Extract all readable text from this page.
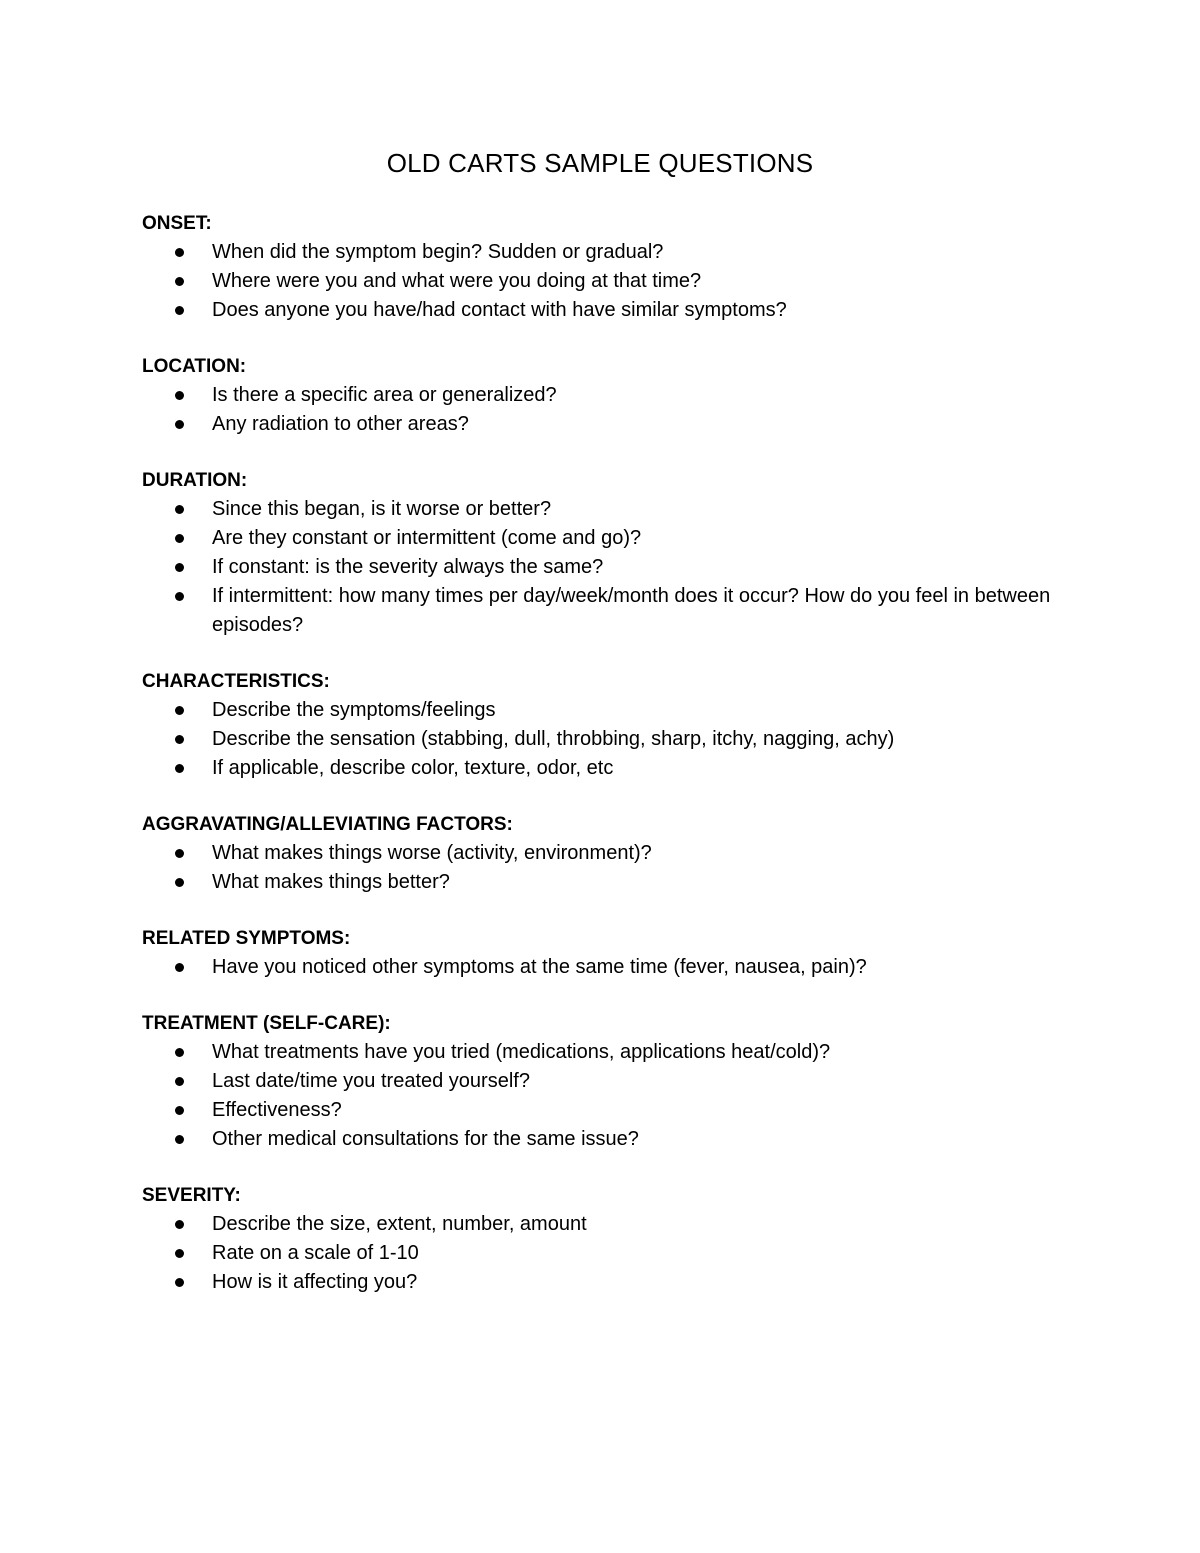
OLD CARTS SAMPLE QUESTIONS
ONSET:
When did the symptom begin? Sudden or gradual?
Where were you and what were you doing at that time?
Does anyone you have/had contact with have similar symptoms?
LOCATION:
Is there a specific area or generalized?
Any radiation to other areas?
DURATION:
Since this began, is it worse or better?
Are they constant or intermittent (come and go)?
If constant: is the severity always the same?
If intermittent: how many times per day/week/month does it occur? How do you feel in between episodes?
CHARACTERISTICS:
Describe the symptoms/feelings
Describe the sensation (stabbing, dull, throbbing, sharp, itchy, nagging, achy)
If applicable, describe color, texture, odor, etc
AGGRAVATING/ALLEVIATING FACTORS:
What makes things worse (activity, environment)?
What makes things better?
RELATED SYMPTOMS:
Have you noticed other symptoms at the same time (fever, nausea, pain)?
TREATMENT (SELF-CARE):
What treatments have you tried (medications, applications heat/cold)?
Last date/time you treated yourself?
Effectiveness?
Other medical consultations for the same issue?
SEVERITY:
Describe the size, extent, number, amount
Rate on a scale of 1-10
How is it affecting you?
